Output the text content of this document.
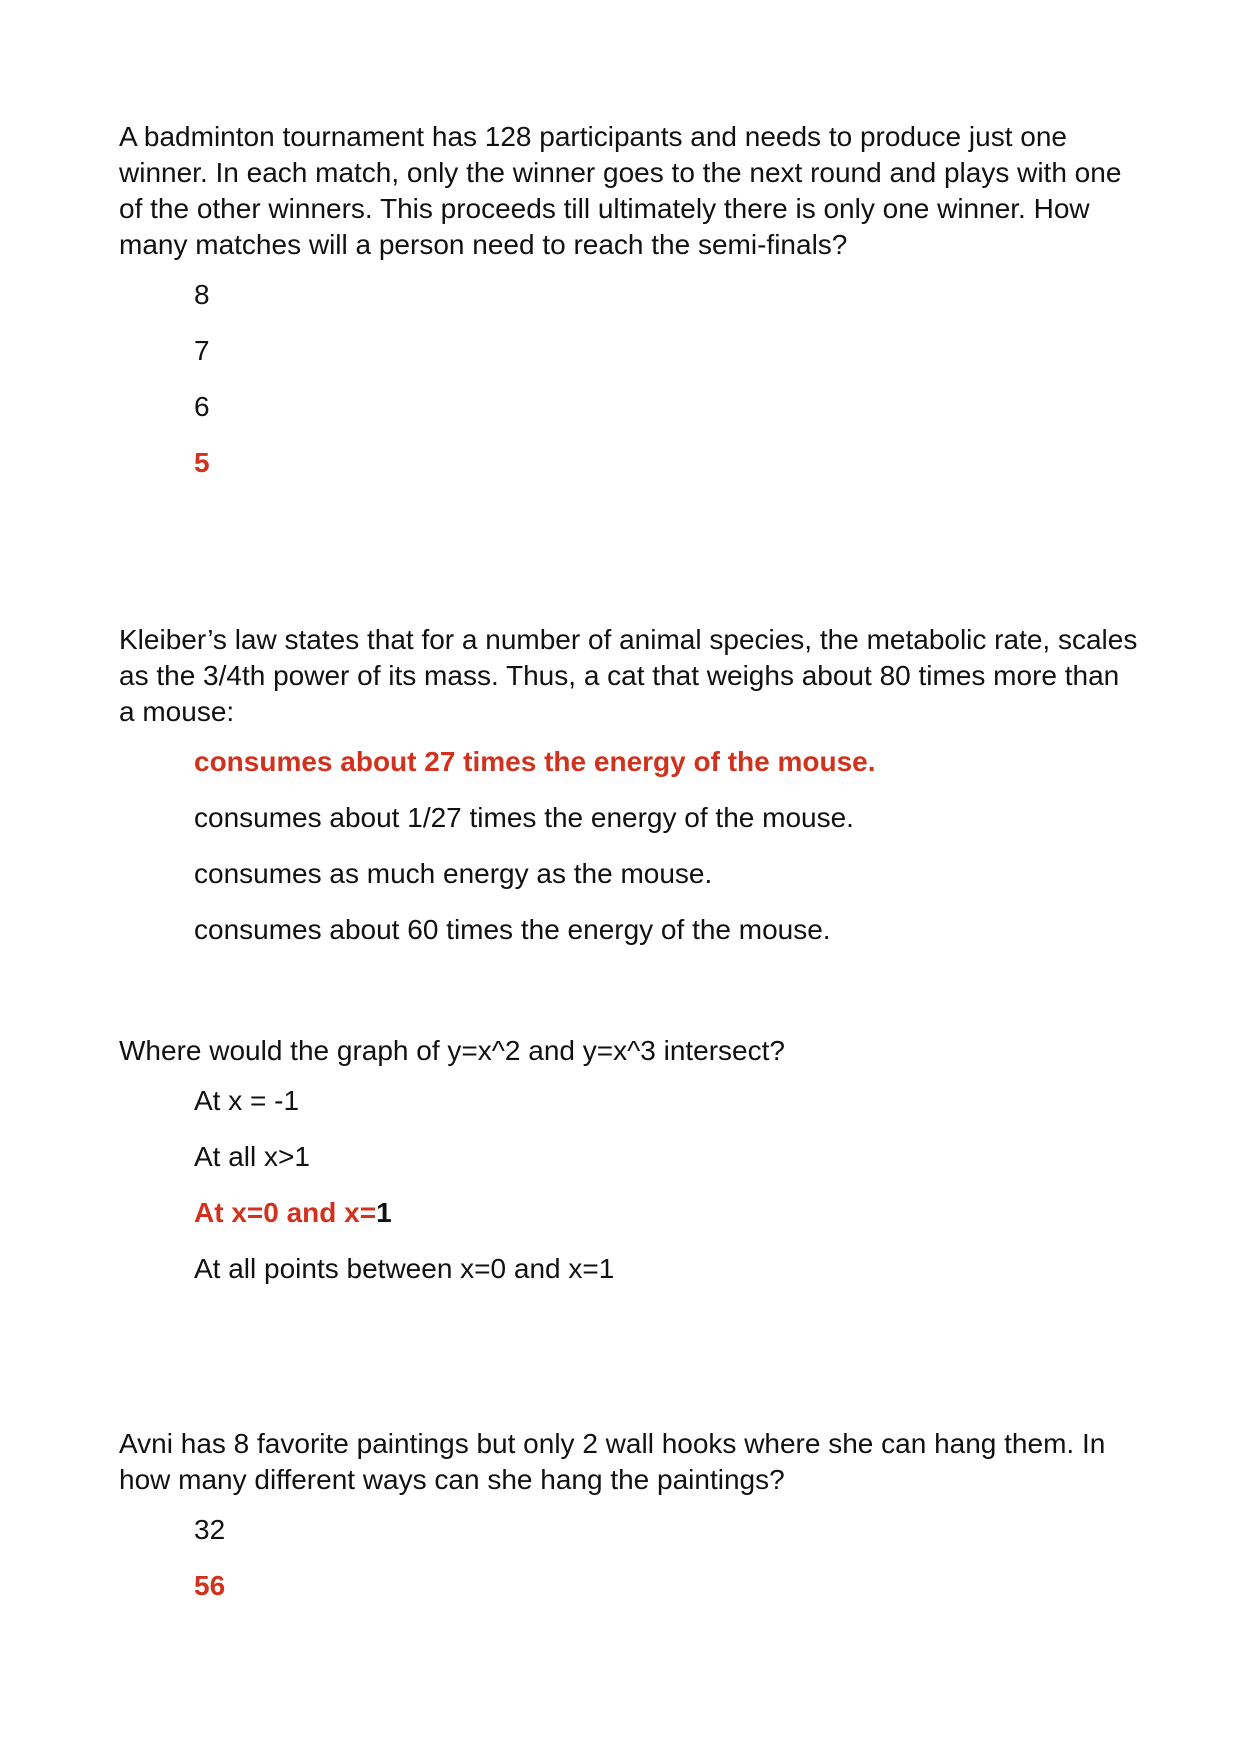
A badminton tournament has 128 participants and needs to produce just one winner. In each match, only the winner goes to the next round and plays with one of the other winners. This proceeds till ultimately there is only one winner. How many matches will a person need to reach the semi-finals?

8
7
6
5

Kleiber’s law states that for a number of animal species, the metabolic rate, scales as the 3/4th power of its mass. Thus, a cat that weighs about 80 times more than a mouse:

consumes about 27 times the energy of the mouse.
consumes about 1/27 times the energy of the mouse.
consumes as much energy as the mouse.
consumes about 60 times the energy of the mouse.

Where would the graph of y=x^2 and y=x^3 intersect?

At x = -1
At all x>1
At x=0 and x=1
At all points between x=0 and x=1

Avni has 8 favorite paintings but only 2 wall hooks where she can hang them. In how many different ways can she hang the paintings?

32
56
